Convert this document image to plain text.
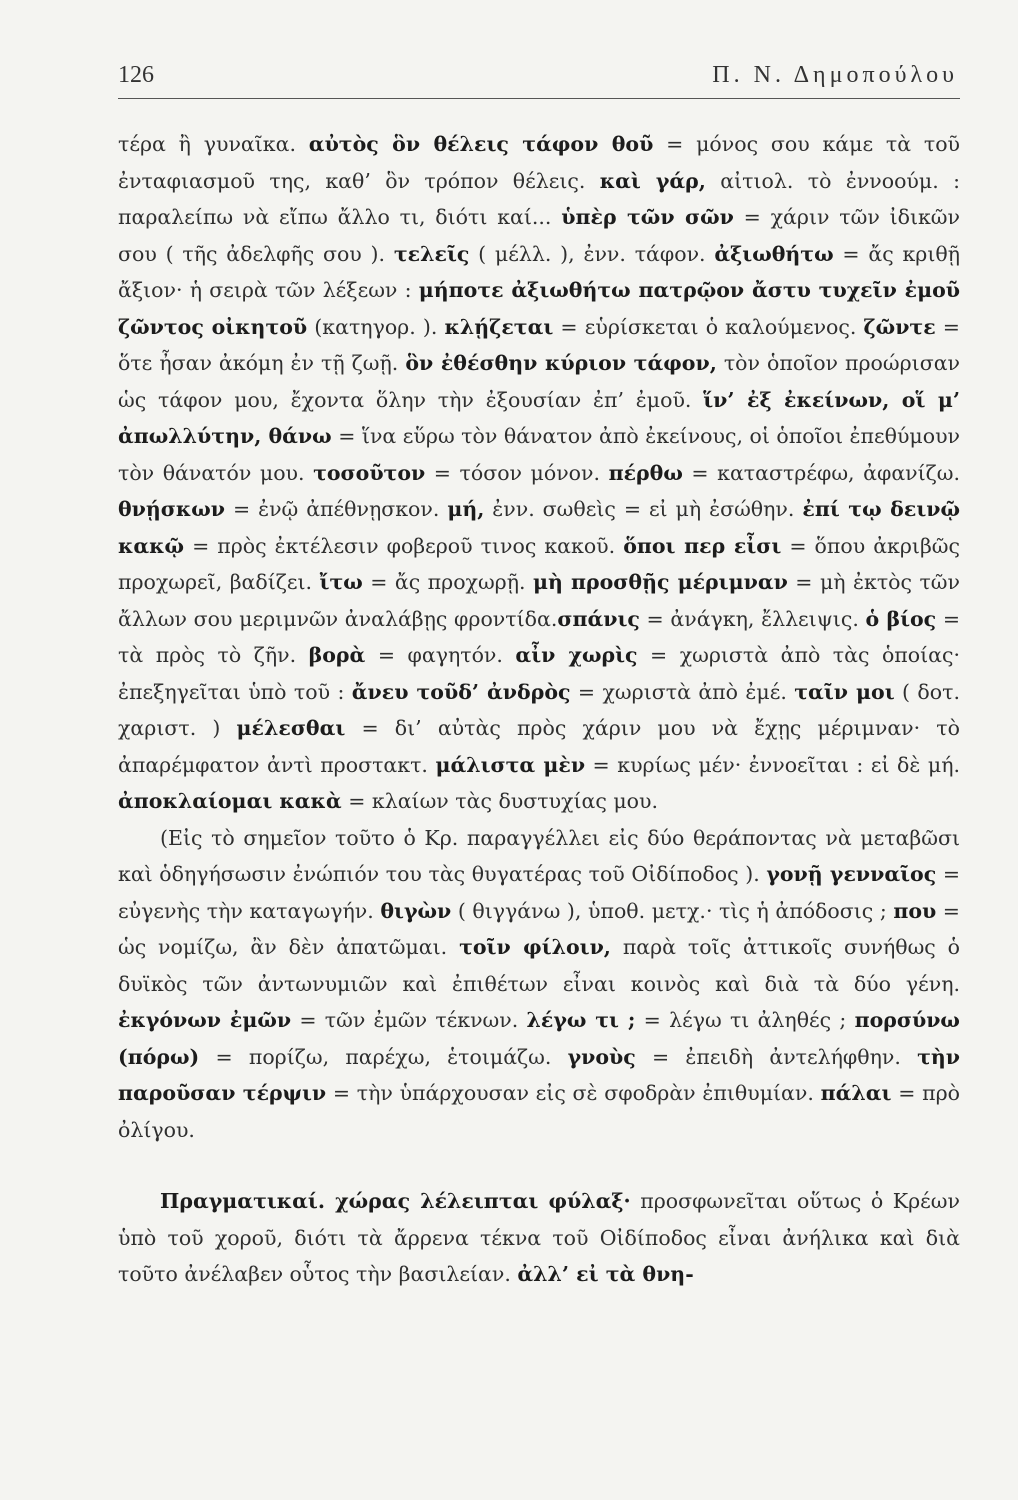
126	Π. Ν. Δημοπούλου

τέρα ἢ γυναῖκα. αὐτὸς ὃν θέλεις τάφον θοῦ = μόνος σου κάμε τὰ τοῦ ἐνταφιασμοῦ της, καθ’ ὃν τρόπον θέλεις. καὶ γάρ, αἰτιολ. τὸ ἐννοούμ. : παραλείπω νὰ εἴπω ἄλλο τι, διότι καί... ὑπὲρ τῶν σῶν = χάριν τῶν ἰδικῶν σου ( τῆς ἀδελφῆς σου ). τελεῖς ( μέλλ. ), ἐνν. τάφον. ἀξιωθήτω = ἄς κριθῇ ἄξιον· ἡ σειρὰ τῶν λέξεων : μήποτε ἀξιωθήτω πατρῷον ἄστυ τυχεῖν ἐμοῦ ζῶντος οἰκητοῦ (κατηγορ. ). κλῄζεται = εὑρίσκεται ὁ καλούμενος. ζῶντε = ὅτε ἦσαν ἀκόμη ἐν τῇ ζωῇ. ὃν ἐθέσθην κύριον τάφον, τὸν ὁποῖον προώρισαν ὡς τάφον μου, ἔχοντα ὅλην τὴν ἐξουσίαν ἐπ’ ἐμοῦ. ἵν’ ἐξ ἐκείνων, οἵ μ’ ἀπωλλύτην, θάνω = ἵνα εὕρω τὸν θάνατον ἀπὸ ἐκείνους, οἱ ὁποῖοι ἐπεθύμουν τὸν θάνατόν μου. τοσοῦτον = τόσον μόνον. πέρθω = καταστρέφω, ἀφανίζω. θνῄσκων = ἐνῷ ἀπέθνῃσκον. μή, ἐνν. σωθεὶς = εἰ μὴ ἐσώθην. ἐπί τῳ δεινῷ κακῷ = πρὸς ἐκτέλεσιν φοβεροῦ τινος κακοῦ. ὅποι περ εἶσι = ὅπου ἀκριβῶς προχωρεῖ, βαδίζει. ἴτω = ἄς προχωρῇ. μὴ προσθῇς μέριμναν = μὴ ἐκτὸς τῶν ἄλλων σου μεριμνῶν ἀναλάβῃς φροντίδα.σπάνις = ἀνάγκη, ἔλλειψις. ὁ βίος = τὰ πρὸς τὸ ζῆν. βορὰ = φαγητόν. αἶν χωρὶς = χωριστὰ ἀπὸ τὰς ὁποίας· ἐπεξηγεῖται ὑπὸ τοῦ : ἄνευ τοῦδ’ ἀνδρὸς = χωριστὰ ἀπὸ ἐμέ. ταῖν μοι ( δοτ. χαριστ. ) μέλεσθαι = δι’ αὐτὰς πρὸς χάριν μου νὰ ἔχῃς μέριμναν· τὸ ἀπαρέμφατον ἀντὶ προστακτ. μάλιστα μὲν = κυρίως μέν· ἐννοεῖται : εἰ δὲ μή. ἀποκλαίομαι κακὰ = κλαίων τὰς δυστυχίας μου.

(Εἰς τὸ σημεῖον τοῦτο ὁ Κρ. παραγγέλλει εἰς δύο θεράποντας νὰ μεταβῶσι καὶ ὁδηγήσωσιν ἐνώπιόν του τὰς θυγατέρας τοῦ Οἰδίποδος ). γονῇ γενναῖος = εὐγενὴς τὴν καταγωγήν. θιγὼν ( θιγγάνω ), ὑποθ. μετχ.· τὶς ἡ ἀπόδοσις ; που = ὡς νομίζω, ἂν δὲν ἀπατῶμαι. τοῖν φίλοιν, παρὰ τοῖς ἀττικοῖς συνήθως ὁ δυϊκὸς τῶν ἀντωνυμιῶν καὶ ἐπιθέτων εἶναι κοινὸς καὶ διὰ τὰ δύο γένη. ἐκγόνων ἐμῶν = τῶν ἐμῶν τέκνων. λέγω τι ; = λέγω τι ἀληθές ; πορσύνω (πόρω) = πορίζω, παρέχω, ἑτοιμάζω. γνοὺς = ἐπειδὴ ἀντελήφθην. τὴν παροῦσαν τέρψιν = τὴν ὑπάρχουσαν εἰς σὲ σφοδρὰν ἐπιθυμίαν. πάλαι = πρὸ ὀλίγου.

Πραγματικαί. χώρας λέλειπται φύλαξ· προσφωνεῖται οὕτως ὁ Κρέων ὑπὸ τοῦ χοροῦ, διότι τὰ ἄρρενα τέκνα τοῦ Οἰδίποδος εἶναι ἀνήλικα καὶ διὰ τοῦτο ἀνέλαβεν οὗτος τὴν βασιλείαν. ἀλλ’ εἰ τὰ θνη-
